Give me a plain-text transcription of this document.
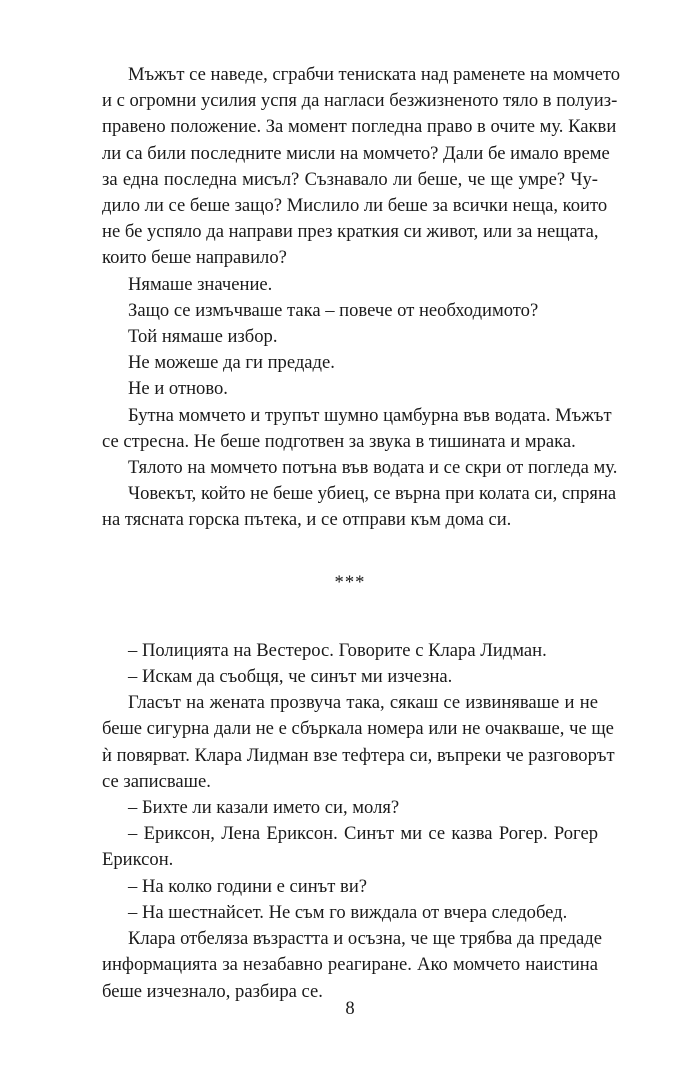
Мъжът се наведе, сграбчи тениската над раменете на момчето
и с огромни усилия успя да нагласи безжизненото тяло в полуиз-
правено положение. За момент погледна право в очите му. Какви
ли са били последните мисли на момчето? Дали бе имало време
за една последна мисъл? Съзнавало ли беше, че ще умре? Чу-
дило ли се беше защо? Мислило ли беше за всички неща, които
не бе успяло да направи през краткия си живот, или за нещата,
които беше направило?
Нямаше значение.
Защо се измъчваше така – повече от необходимото?
Той нямаше избор.
Не можеше да ги предаде.
Не и отново.
Бутна момчето и трупът шумно цамбурна във водата. Мъжът
се стресна. Не беше подготвен за звука в тишината и мрака.
Тялото на момчето потъна във водата и се скри от погледа му.
Човекът, който не беше убиец, се върна при колата си, спряна
на тясната горска пътека, и се отправи към дома си.
***
– Полицията на Вестерос. Говорите с Клара Лидман.
– Искам да съобщя, че синът ми изчезна.
Гласът на жената прозвуча така, сякаш се извиняваше и не
беше сигурна дали не е сбъркала номера или не очакваше, че ще
ѝ повярват. Клара Лидман взе тефтера си, въпреки че разговорът
се записваше.
– Бихте ли казали името си, моля?
– Ериксон, Лена Ериксон. Синът ми се казва Рогер. Рогер
Ериксон.
– На колко години е синът ви?
– На шестнайсет. Не съм го виждала от вчера следобед.
Клара отбеляза възрастта и осъзна, че ще трябва да предаде
информацията за незабавно реагиране. Ако момчето наистина
беше изчезнало, разбира се.
8
